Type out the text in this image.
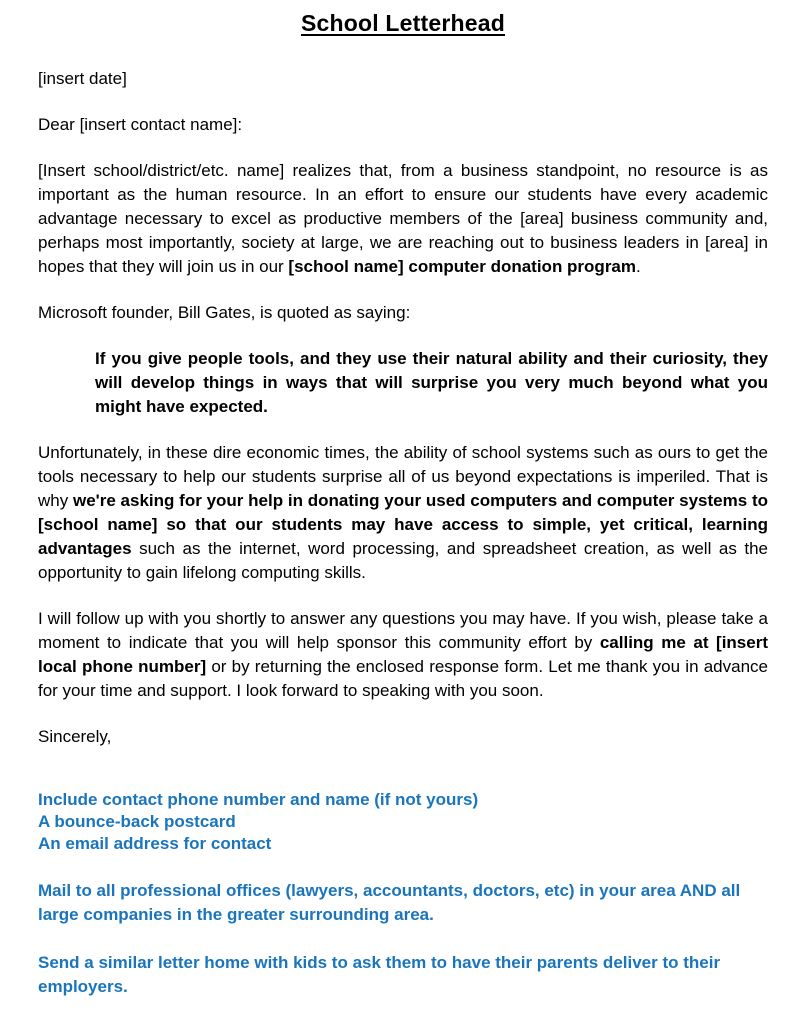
School Letterhead

[insert date]

Dear [insert contact name]:

[Insert school/district/etc. name] realizes that, from a business standpoint, no resource is as important as the human resource. In an effort to ensure our students have every academic advantage necessary to excel as productive members of the [area] business community and, perhaps most importantly, society at large, we are reaching out to business leaders in [area] in hopes that they will join us in our [school name] computer donation program.

Microsoft founder, Bill Gates, is quoted as saying:

If you give people tools, and they use their natural ability and their curiosity, they will develop things in ways that will surprise you very much beyond what you might have expected.

Unfortunately, in these dire economic times, the ability of school systems such as ours to get the tools necessary to help our students surprise all of us beyond expectations is imperiled. That is why we're asking for your help in donating your used computers and computer systems to [school name] so that our students may have access to simple, yet critical, learning advantages such as the internet, word processing, and spreadsheet creation, as well as the opportunity to gain lifelong computing skills.

I will follow up with you shortly to answer any questions you may have. If you wish, please take a moment to indicate that you will help sponsor this community effort by calling me at [insert local phone number] or by returning the enclosed response form. Let me thank you in advance for your time and support. I look forward to speaking with you soon.

Sincerely,

Include contact phone number and name (if not yours)
A bounce-back postcard
An email address for contact

Mail to all professional offices (lawyers, accountants, doctors, etc) in your area AND all large companies in the greater surrounding area.

Send a similar letter home with kids to ask them to have their parents deliver to their employers.
